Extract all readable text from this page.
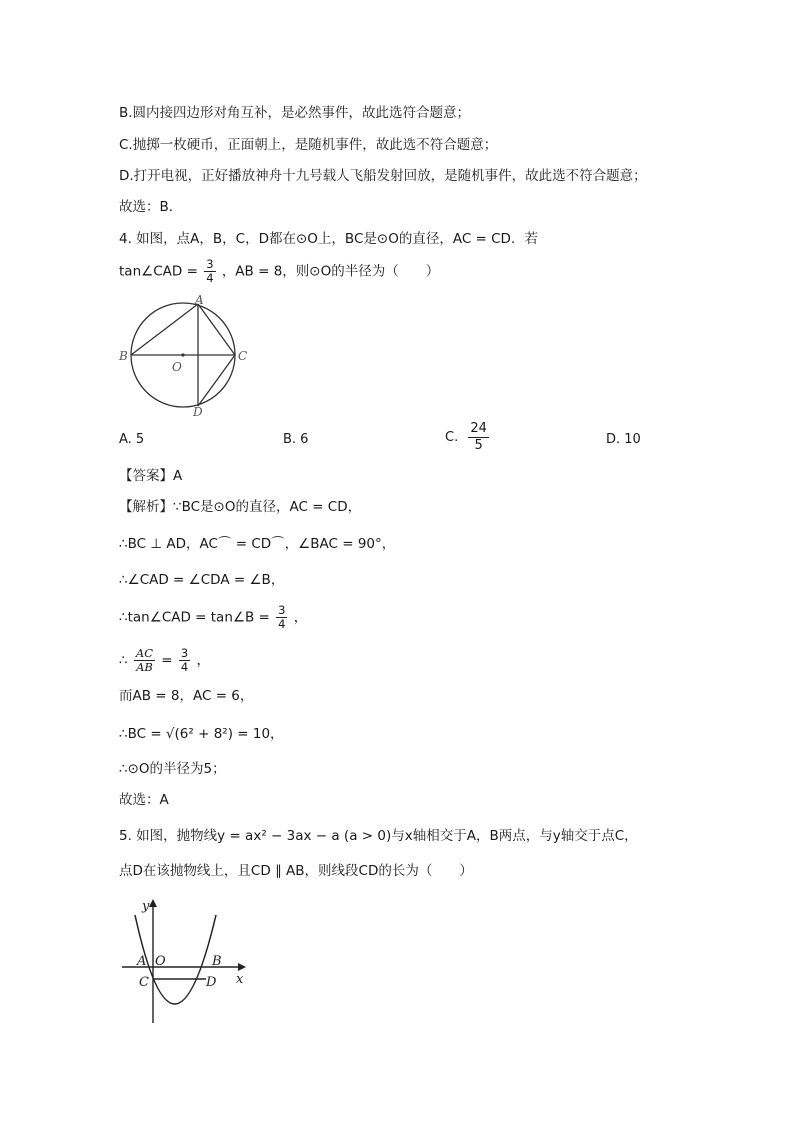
B.圆内接四边形对角互补，是必然事件，故此选符合题意；
C.抛掷一枚硬币，正面朝上，是随机事件，故此选不符合题意；
D.打开电视，正好播放神舟十九号载人飞船发射回放，是随机事件，故此选不符合题意；
故选：B．
4. 如图，点A，B，C，D都在⊙O上，BC是⊙O的直径，AC = CD．若
tan∠CAD = $\frac{3}{4}$ ，AB = 8，则⊙O的半径为（　　）
A
B	C
D
O
A. 5	B. 6	C. $\frac{24}{5}$	D. 10
【答案】A
【解析】∵BC是⊙O的直径，AC = CD，
∴BC ⊥ AD，AC⌒ = CD⌒，∠BAC = 90°，
∴∠CAD = ∠CDA = ∠B，
∴tan∠CAD = tan∠B = $\frac{3}{4}$ ，
∴ $\frac{AC}{AB} = \frac{3}{4}$ ，
而AB = 8，AC = 6，
∴BC = √(6² + 8²) = 10，
∴⊙O的半径为5；
故选：A
5. 如图，抛物线y = ax² − 3ax − a (a > 0)与x轴相交于A，B两点，与y轴交于点C，
点D在该抛物线上，且CD ∥ AB，则线段CD的长为（　　）
y
x
A O	B
C	D
